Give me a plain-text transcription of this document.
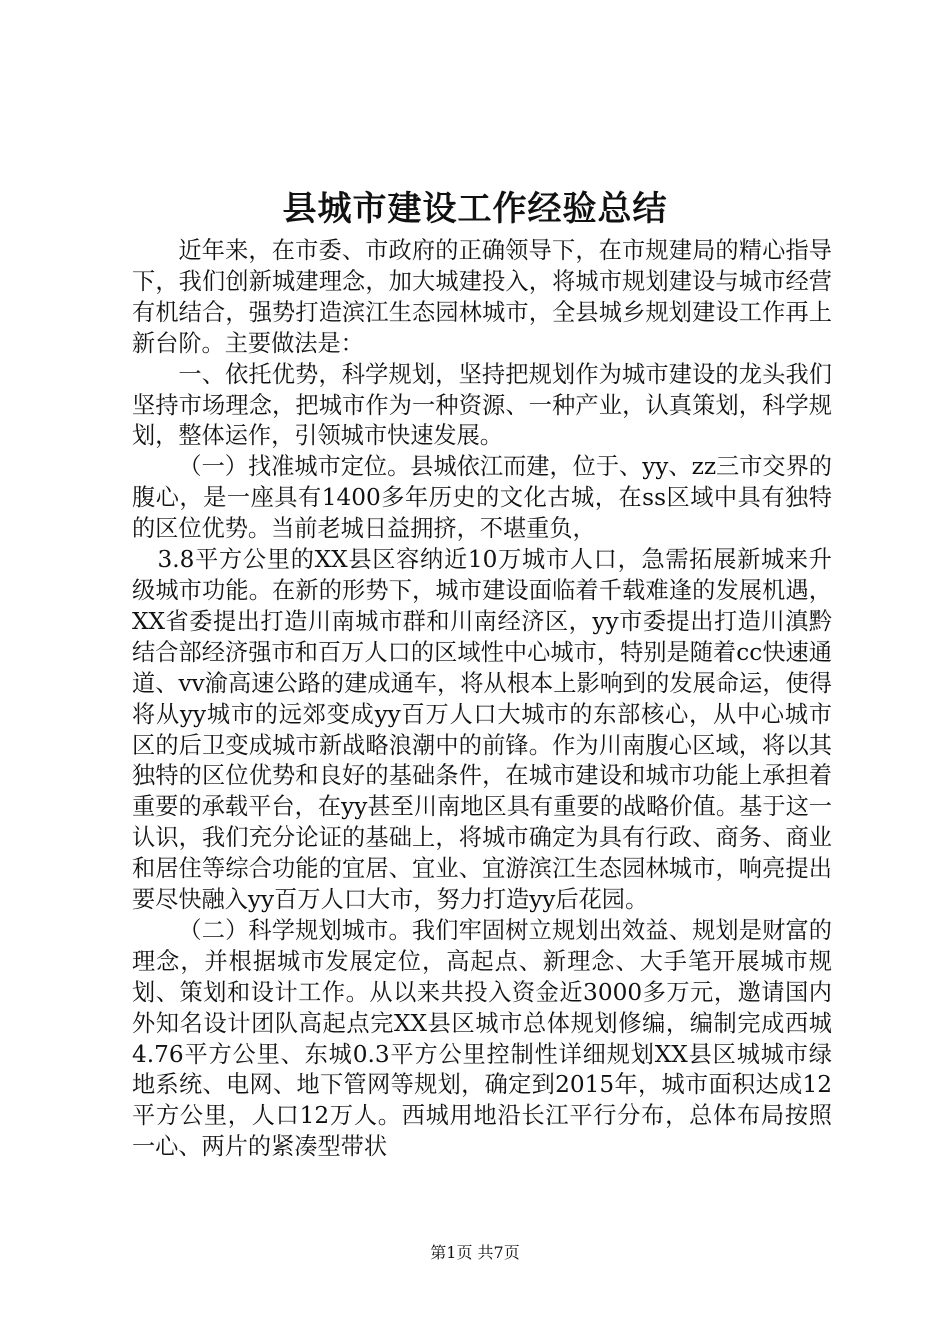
县城市建设工作经验总结

近年来，在市委、市政府的正确领导下，在市规建局的精心指导下，我们创新城建理念，加大城建投入，将城市规划建设与城市经营有机结合，强势打造滨江生态园林城市，全县城乡规划建设工作再上新台阶。主要做法是：

一、依托优势，科学规划，坚持把规划作为城市建设的龙头我们坚持市场理念，把城市作为一种资源、一种产业，认真策划，科学规划，整体运作，引领城市快速发展。

（一）找准城市定位。县城依江而建，位于、yy、zz三市交界的腹心，是一座具有1400多年历史的文化古城，在ss区域中具有独特的区位优势。当前老城日益拥挤，不堪重负，

3.8平方公里的XX县区容纳近10万城市人口，急需拓展新城来升级城市功能。在新的形势下，城市建设面临着千载难逢的发展机遇，XX省委提出打造川南城市群和川南经济区，yy市委提出打造川滇黔结合部经济强市和百万人口的区域性中心城市，特别是随着cc快速通道、vv渝高速公路的建成通车，将从根本上影响到的发展命运，使得将从yy城市的远郊变成yy百万人口大城市的东部核心，从中心城市区的后卫变成城市新战略浪潮中的前锋。作为川南腹心区域，将以其独特的区位优势和良好的基础条件，在城市建设和城市功能上承担着重要的承载平台，在yy甚至川南地区具有重要的战略价值。基于这一认识，我们充分论证的基础上，将城市确定为具有行政、商务、商业和居住等综合功能的宜居、宜业、宜游滨江生态园林城市，响亮提出要尽快融入yy百万人口大市，努力打造yy后花园。

（二）科学规划城市。我们牢固树立规划出效益、规划是财富的理念，并根据城市发展定位，高起点、新理念、大手笔开展城市规划、策划和设计工作。从以来共投入资金近3000多万元，邀请国内外知名设计团队高起点完XX县区城市总体规划修编，编制完成西城4.76平方公里、东城0.3平方公里控制性详细规划XX县区城城市绿地系统、电网、地下管网等规划，确定到2015年，城市面积达成12平方公里，人口12万人。西城用地沿长江平行分布，总体布局按照一心、两片的紧凑型带状

第1页 共7页
